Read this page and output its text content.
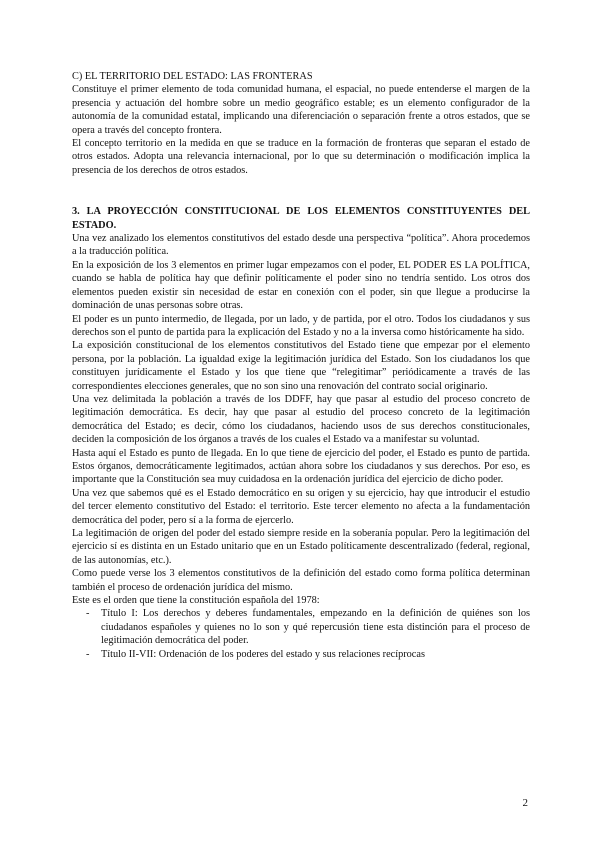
C) EL TERRITORIO DEL ESTADO: LAS FRONTERAS

Constituye el primer elemento de toda comunidad humana, el espacial, no puede entenderse el margen de la presencia y actuación del hombre sobre un medio geográfico estable; es un elemento configurador de la autonomía de la comunidad estatal, implicando una diferenciación o separación frente a otros estados, que se opera a través del concepto frontera.

El concepto territorio en la medida en que se traduce en la formación de fronteras que separan el estado de otros estados. Adopta una relevancia internacional, por lo que su determinación o modificación implica la presencia de los derechos de otros estados.

3. LA PROYECCIÓN CONSTITUCIONAL DE LOS ELEMENTOS CONSTITUYENTES DEL ESTADO.

Una vez analizado los elementos constitutivos del estado desde una perspectiva “política”. Ahora procedemos a la traducción política.

En la exposición de los 3 elementos en primer lugar empezamos con el poder, EL PODER ES LA POLÍTICA, cuando se habla de política hay que definir políticamente el poder sino no tendría sentido. Los otros dos elementos pueden existir sin necesidad de estar en conexión con el poder, sin que llegue a producirse la dominación de unas personas sobre otras.

El poder es un punto intermedio, de llegada, por un lado, y de partida, por el otro. Todos los ciudadanos y sus derechos son el punto de partida para la explicación del Estado y no a la inversa como históricamente ha sido.

La exposición constitucional de los elementos constitutivos del Estado tiene que empezar por el elemento persona, por la población. La igualdad exige la legitimación jurídica del Estado. Son los ciudadanos los que constituyen jurídicamente el Estado y los que tiene que “relegitimar” periódicamente a través de las correspondientes elecciones generales, que no son sino una renovación del contrato social originario.

Una vez delimitada la población a través de los DDFF, hay que pasar al estudio del proceso concreto de legitimación democrática. Es decir, hay que pasar al estudio del proceso concreto de la legitimación democrática del Estado; es decir, cómo los ciudadanos, haciendo usos de sus derechos constitucionales, deciden la composición de los órganos a través de los cuales el Estado va a manifestar su voluntad.

Hasta aquí el Estado es punto de llegada. En lo que tiene de ejercicio del poder, el Estado es punto de partida. Estos órganos, democráticamente legitimados, actúan ahora sobre los ciudadanos y sus derechos. Por eso, es importante que la Constitución sea muy cuidadosa en la ordenación jurídica del ejercicio de dicho poder.

Una vez que sabemos qué es el Estado democrático en su origen y su ejercicio, hay que introducir el estudio del tercer elemento constitutivo del Estado: el territorio. Este tercer elemento no afecta a la fundamentación democrática del poder, pero sí a la forma de ejercerlo.

La legitimación de origen del poder del estado siempre reside en la soberanía popular. Pero la legitimación del ejercicio sí es distinta en un Estado unitario que en un Estado políticamente descentralizado (federal, regional, de las autonomías, etc.).

Como puede verse los 3 elementos constitutivos de la definición del estado como forma política determinan también el proceso de ordenación jurídica del mismo.

Este es el orden que tiene la constitución española del 1978:

- Título I: Los derechos y deberes fundamentales, empezando en la definición de quiénes son los ciudadanos españoles y quienes no lo son y qué repercusión tiene esta distinción para el proceso de legitimación democrática del poder.
- Título II-VII: Ordenación de los poderes del estado y sus relaciones recíprocas
2
